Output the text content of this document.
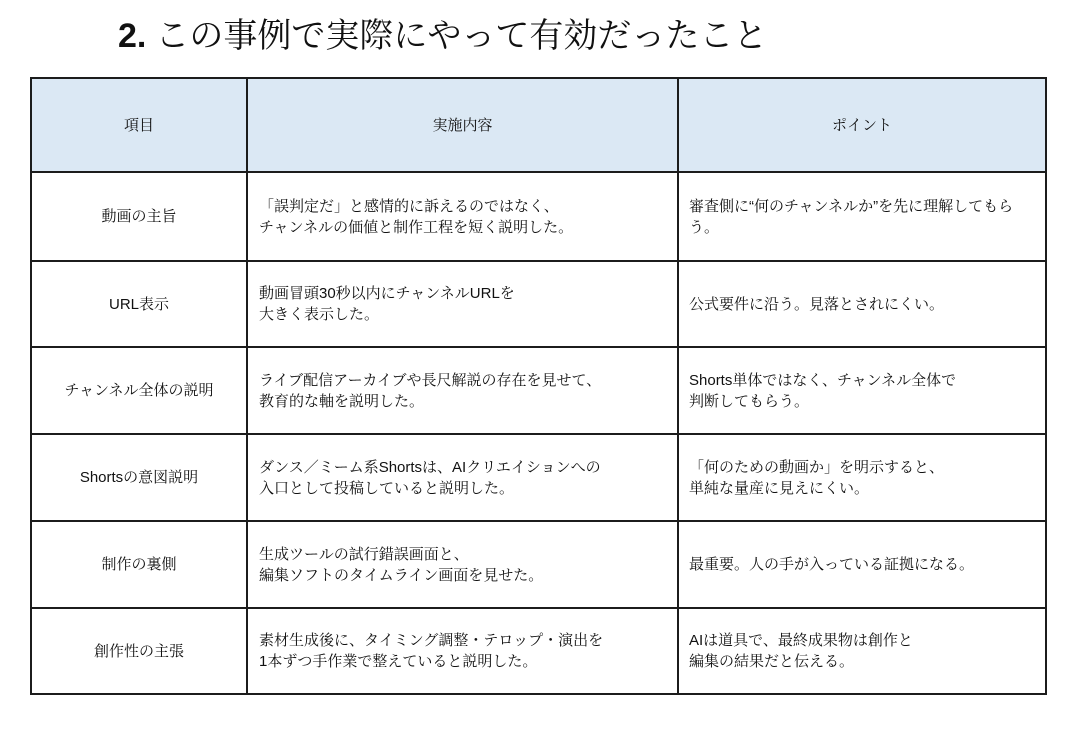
2. この事例で実際にやって有効だったこと
項目	実施内容	ポイント
動画の主旨
「誤判定だ」と感情的に訴えるのではなく、
チャンネルの価値と制作工程を短く説明した。
審査側に“何のチャンネルか”を先に理解してもら
う。
URL表示
動画冒頭30秒以内にチャンネルURLを
大きく表示した。
公式要件に沿う。見落とされにくい。
チャンネル全体の説明
ライブ配信アーカイブや長尺解説の存在を見せて、
教育的な軸を説明した。
Shorts単体ではなく、チャンネル全体で
判断してもらう。
Shortsの意図説明
ダンス／ミーム系Shortsは、AIクリエイションへの
入口として投稿していると説明した。
「何のための動画か」を明示すると、
単純な量産に見えにくい。
制作の裏側
生成ツールの試行錯誤画面と、
編集ソフトのタイムライン画面を見せた。
最重要。人の手が入っている証拠になる。
創作性の主張
素材生成後に、タイミング調整・テロップ・演出を
1本ずつ手作業で整えていると説明した。
AIは道具で、最終成果物は創作と
編集の結果だと伝える。
